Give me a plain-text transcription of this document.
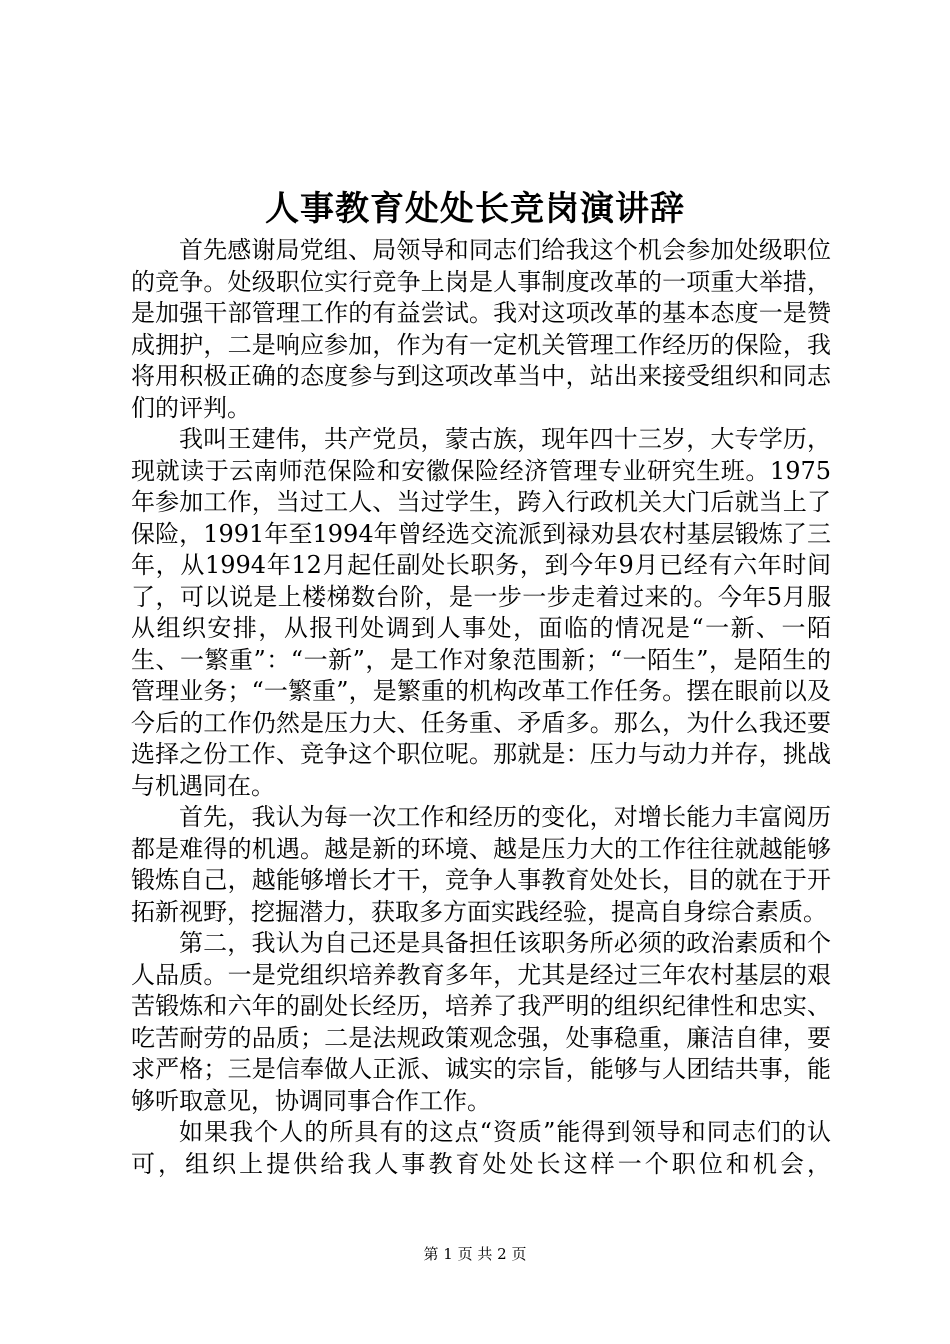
人事教育处处长竞岗演讲辞

首先感谢局党组、局领导和同志们给我这个机会参加处级职位的竞争。处级职位实行竞争上岗是人事制度改革的一项重大举措，是加强干部管理工作的有益尝试。我对这项改革的基本态度一是赞成拥护，二是响应参加，作为有一定机关管理工作经历的保险，我将用积极正确的态度参与到这项改革当中，站出来接受组织和同志们的评判。

我叫王建伟，共产党员，蒙古族，现年四十三岁，大专学历，现就读于云南师范保险和安徽保险经济管理专业研究生班。1975年参加工作，当过工人、当过学生，跨入行政机关大门后就当上了保险，1991年至1994年曾经选交流派到禄劝县农村基层锻炼了三年，从1994年12月起任副处长职务，到今年9月已经有六年时间了，可以说是上楼梯数台阶，是一步一步走着过来的。今年5月服从组织安排，从报刊处调到人事处，面临的情况是“一新、一陌生、一繁重”：“一新”，是工作对象范围新；“一陌生”，是陌生的管理业务；“一繁重”，是繁重的机构改革工作任务。摆在眼前以及今后的工作仍然是压力大、任务重、矛盾多。那么，为什么我还要选择之份工作、竞争这个职位呢。那就是：压力与动力并存，挑战与机遇同在。

首先，我认为每一次工作和经历的变化，对增长能力丰富阅历都是难得的机遇。越是新的环境、越是压力大的工作往往就越能够锻炼自己，越能够增长才干，竞争人事教育处处长，目的就在于开拓新视野，挖掘潜力，获取多方面实践经验，提高自身综合素质。

第二，我认为自己还是具备担任该职务所必须的政治素质和个人品质。一是党组织培养教育多年，尤其是经过三年农村基层的艰苦锻炼和六年的副处长经历，培养了我严明的组织纪律性和忠实、吃苦耐劳的品质；二是法规政策观念强，处事稳重，廉洁自律，要求严格；三是信奉做人正派、诚实的宗旨，能够与人团结共事，能够听取意见，协调同事合作工作。

如果我个人的所具有的这点“资质”能得到领导和同志们的认可，组织上提供给我人事教育处处长这样一个职位和机会，

第 1 页 共 2 页
